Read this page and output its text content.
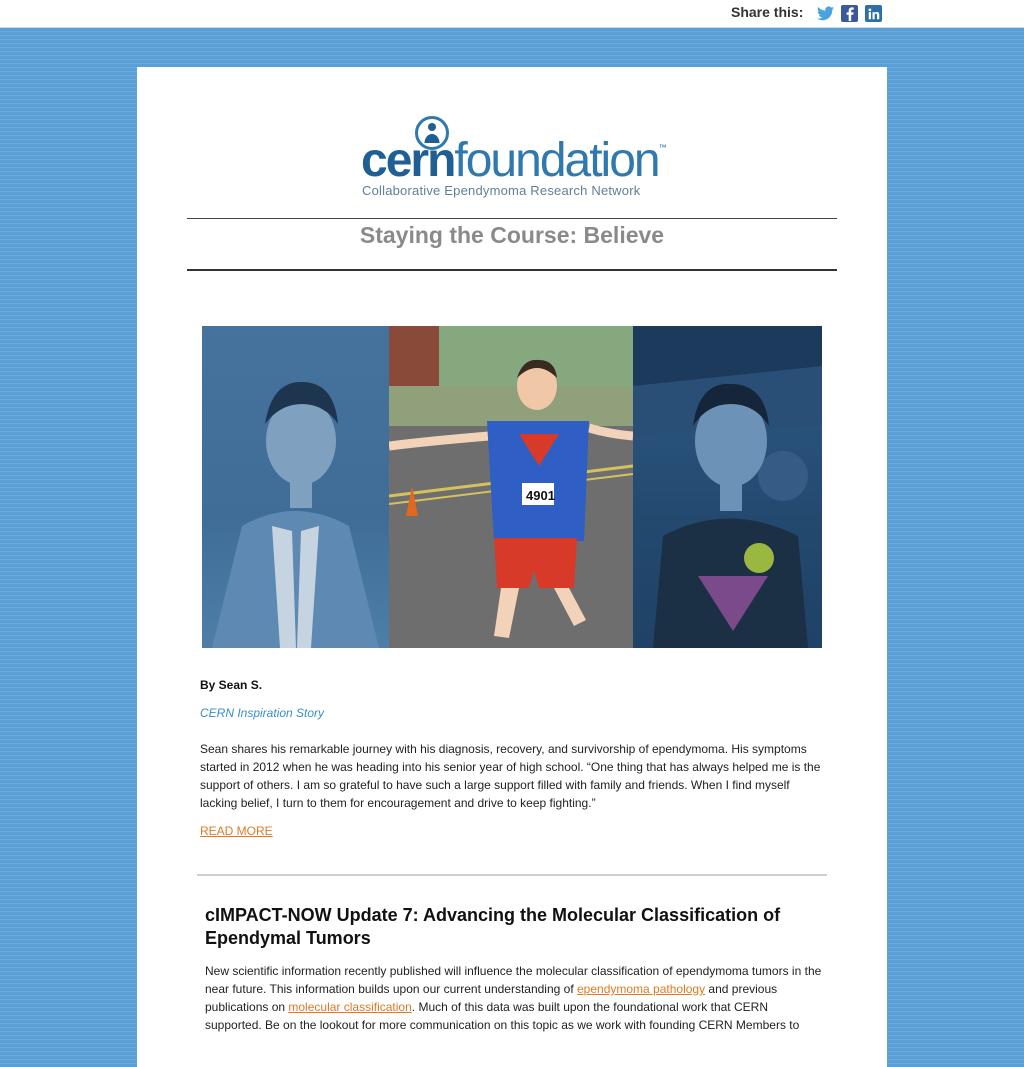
Share this:
cernfoundation™
Collaborative Ependymoma Research Network
Staying the Course: Believe
4901
By Sean S.
CERN Inspiration Story
Sean shares his remarkable journey with his diagnosis, recovery, and survivorship of ependymoma. His symptoms started in 2012 when he was heading into his senior year of high school. “One thing that has always helped me is the support of others. I am so grateful to have such a large support filled with family and friends. When I find myself lacking belief, I turn to them for encouragement and drive to keep fighting.”
READ MORE
cIMPACT-NOW Update 7: Advancing the Molecular Classification of Ependymal Tumors
New scientific information recently published will influence the molecular classification of ependymoma tumors in the near future. This information builds upon our current understanding of ependymoma pathology and previous publications on molecular classification. Much of this data was built upon the foundational work that CERN supported. Be on the lookout for more communication on this topic as we work with founding CERN Members to
